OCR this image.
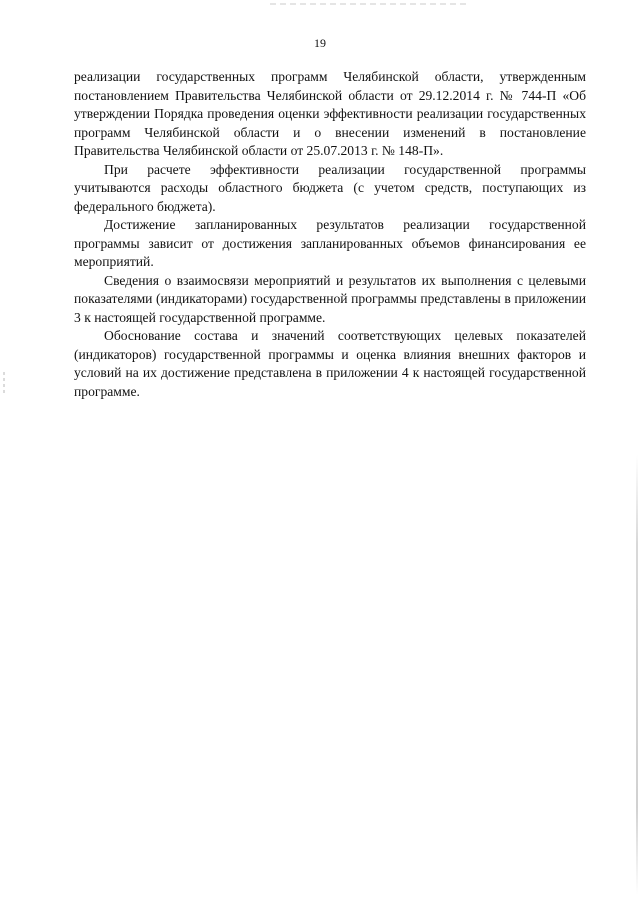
19

реализации государственных программ Челябинской области, утвержденным постановлением Правительства Челябинской области от 29.12.2014 г. № 744-П «Об утверждении Порядка проведения оценки эффективности реализации государственных программ Челябинской области и о внесении изменений в постановление Правительства Челябинской области от 25.07.2013 г. № 148-П».

При расчете эффективности реализации государственной программы учитываются расходы областного бюджета (с учетом средств, поступающих из федерального бюджета).

Достижение запланированных результатов реализации государственной программы зависит от достижения запланированных объемов финансирования ее мероприятий.

Сведения о взаимосвязи мероприятий и результатов их выполнения с целевыми показателями (индикаторами) государственной программы представлены в приложении 3 к настоящей государственной программе.

Обоснование состава и значений соответствующих целевых показателей (индикаторов) государственной программы и оценка влияния внешних факторов и условий на их достижение представлена в приложении 4 к настоящей государственной программе.
